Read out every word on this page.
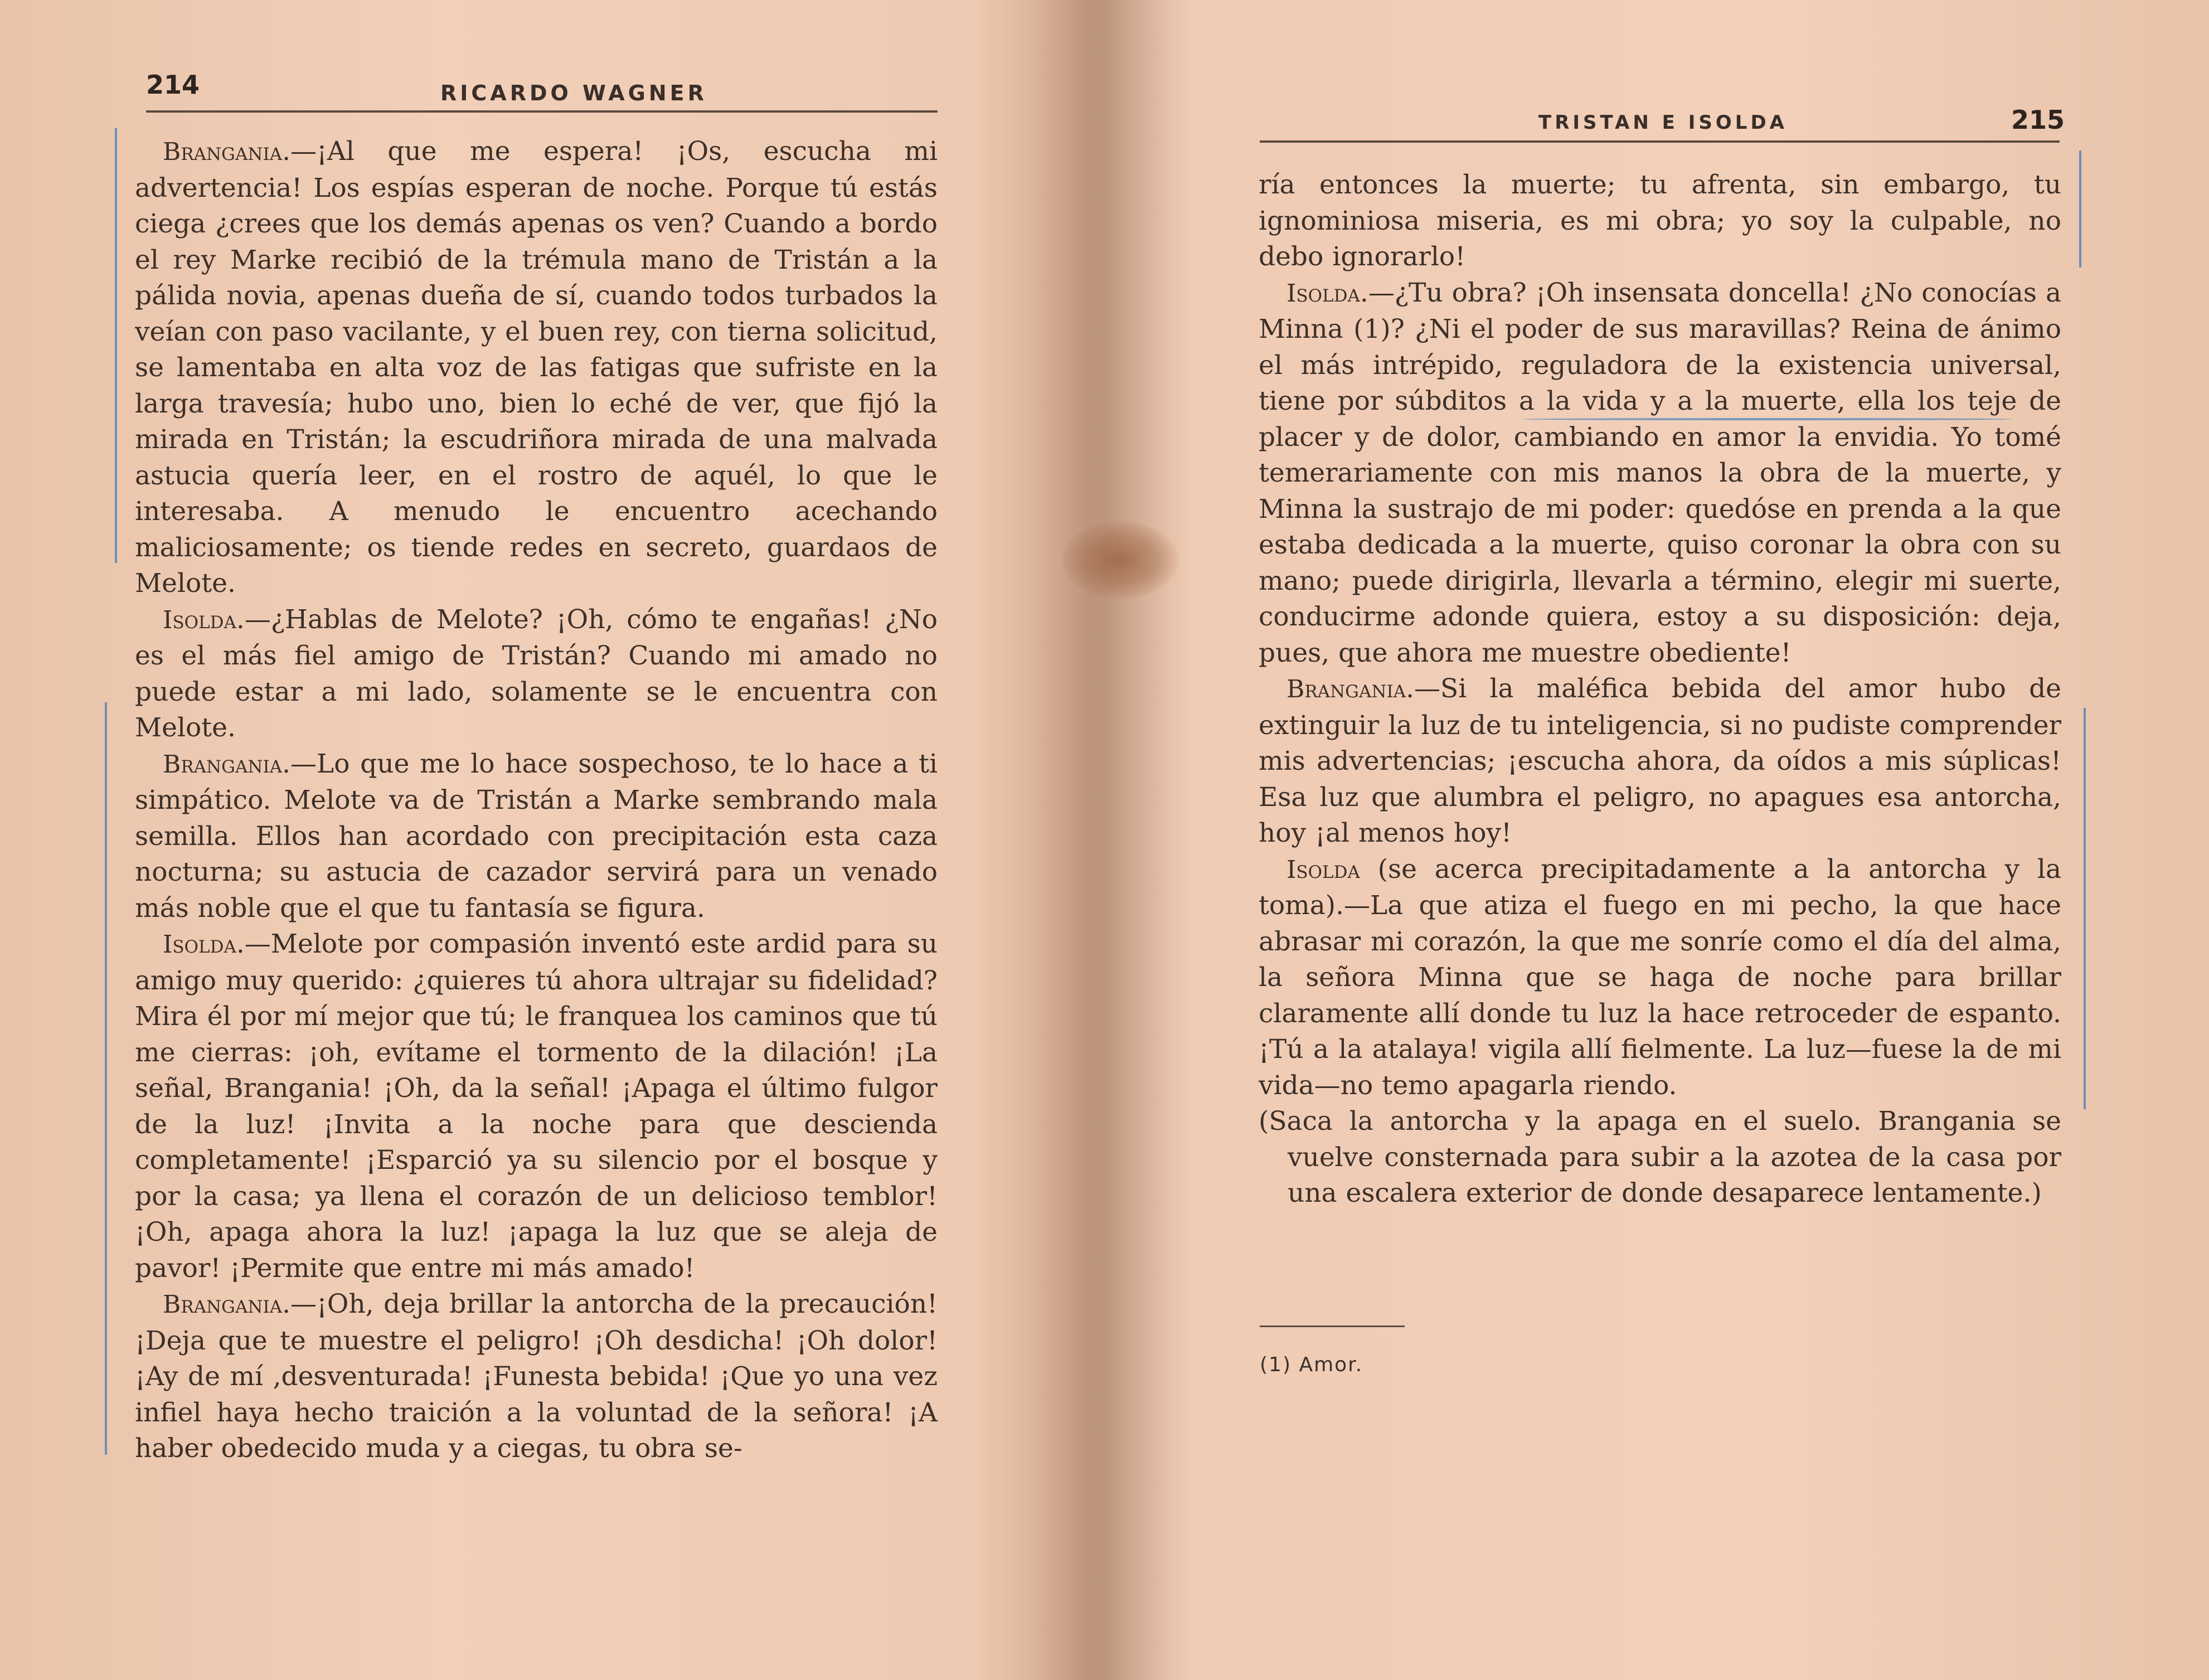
214	RICARDO WAGNER

Brangania.—¡Al que me espera! ¡Os, escucha mi advertencia! Los espías esperan de noche. Porque tú estás ciega ¿crees que los demás apenas os ven? Cuando a bordo el rey Marke recibió de la trémula mano de Tristán a la pálida novia, apenas dueña de sí, cuando todos turbados la veían con paso vacilante, y el buen rey, con tierna solicitud, se lamentaba en alta voz de las fatigas que sufriste en la larga travesía; hubo uno, bien lo eché de ver, que fijó la mirada en Tristán; la escudriñora mirada de una malvada astucia quería leer, en el rostro de aquél, lo que le interesaba. A menudo le encuentro acechando maliciosamente; os tiende redes en secreto, guardaos de Melote.

Isolda.—¿Hablas de Melote? ¡Oh, cómo te engañas! ¿No es el más fiel amigo de Tristán? Cuando mi amado no puede estar a mi lado, solamente se le encuentra con Melote.

Brangania.—Lo que me lo hace sospechoso, te lo hace a ti simpático. Melote va de Tristán a Marke sembrando mala semilla. Ellos han acordado con precipitación esta caza nocturna; su astucia de cazador servirá para un venado más noble que el que tu fantasía se figura.

Isolda.—Melote por compasión inventó este ardid para su amigo muy querido: ¿quieres tú ahora ultrajar su fidelidad? Mira él por mí mejor que tú; le franquea los caminos que tú me cierras: ¡oh, evítame el tormento de la dilación! ¡La señal, Brangania! ¡Oh, da la señal! ¡Apaga el último fulgor de la luz! ¡Invita a la noche para que descienda completamente! ¡Esparció ya su silencio por el bosque y por la casa; ya llena el corazón de un delicioso temblor! ¡Oh, apaga ahora la luz! ¡apaga la luz que se aleja de pavor! ¡Permite que entre mi más amado!

Brangania.—¡Oh, deja brillar la antorcha de la precaución! ¡Deja que te muestre el peligro! ¡Oh desdicha! ¡Oh dolor! ¡Ay de mí ,desventurada! ¡Funesta bebida! ¡Que yo una vez infiel haya hecho traición a la voluntad de la señora! ¡A haber obedecido muda y a ciegas, tu obra se-

TRISTAN E ISOLDA	215

ría entonces la muerte; tu afrenta, sin embargo, tu ignominiosa miseria, es mi obra; yo soy la culpable, no debo ignorarlo!

Isolda.—¿Tu obra? ¡Oh insensata doncella! ¿No conocías a Minna (1)? ¿Ni el poder de sus maravillas? Reina de ánimo el más intrépido, reguladora de la existencia universal, tiene por súbditos a la vida y a la muerte, ella los teje de placer y de dolor, cambiando en amor la envidia. Yo tomé temerariamente con mis manos la obra de la muerte, y Minna la sustrajo de mi poder: quedóse en prenda a la que estaba dedicada a la muerte, quiso coronar la obra con su mano; puede dirigirla, llevarla a término, elegir mi suerte, conducirme adonde quiera, estoy a su disposición: deja, pues, que ahora me muestre obediente!

Brangania.—Si la maléfica bebida del amor hubo de extinguir la luz de tu inteligencia, si no pudiste comprender mis advertencias; ¡escucha ahora, da oídos a mis súplicas! Esa luz que alumbra el peligro, no apagues esa antorcha, hoy ¡al menos hoy!

Isolda (se acerca precipitadamente a la antorcha y la toma).—La que atiza el fuego en mi pecho, la que hace abrasar mi corazón, la que me sonríe como el día del alma, la señora Minna que se haga de noche para brillar claramente allí donde tu luz la hace retroceder de espanto. ¡Tú a la atalaya! vigila allí fielmente. La luz—fuese la de mi vida—no temo apagarla riendo.

(Saca la antorcha y la apaga en el suelo. Brangania se vuelve consternada para subir a la azotea de la casa por una escalera exterior de donde desaparece lentamente.)

(1) Amor.
